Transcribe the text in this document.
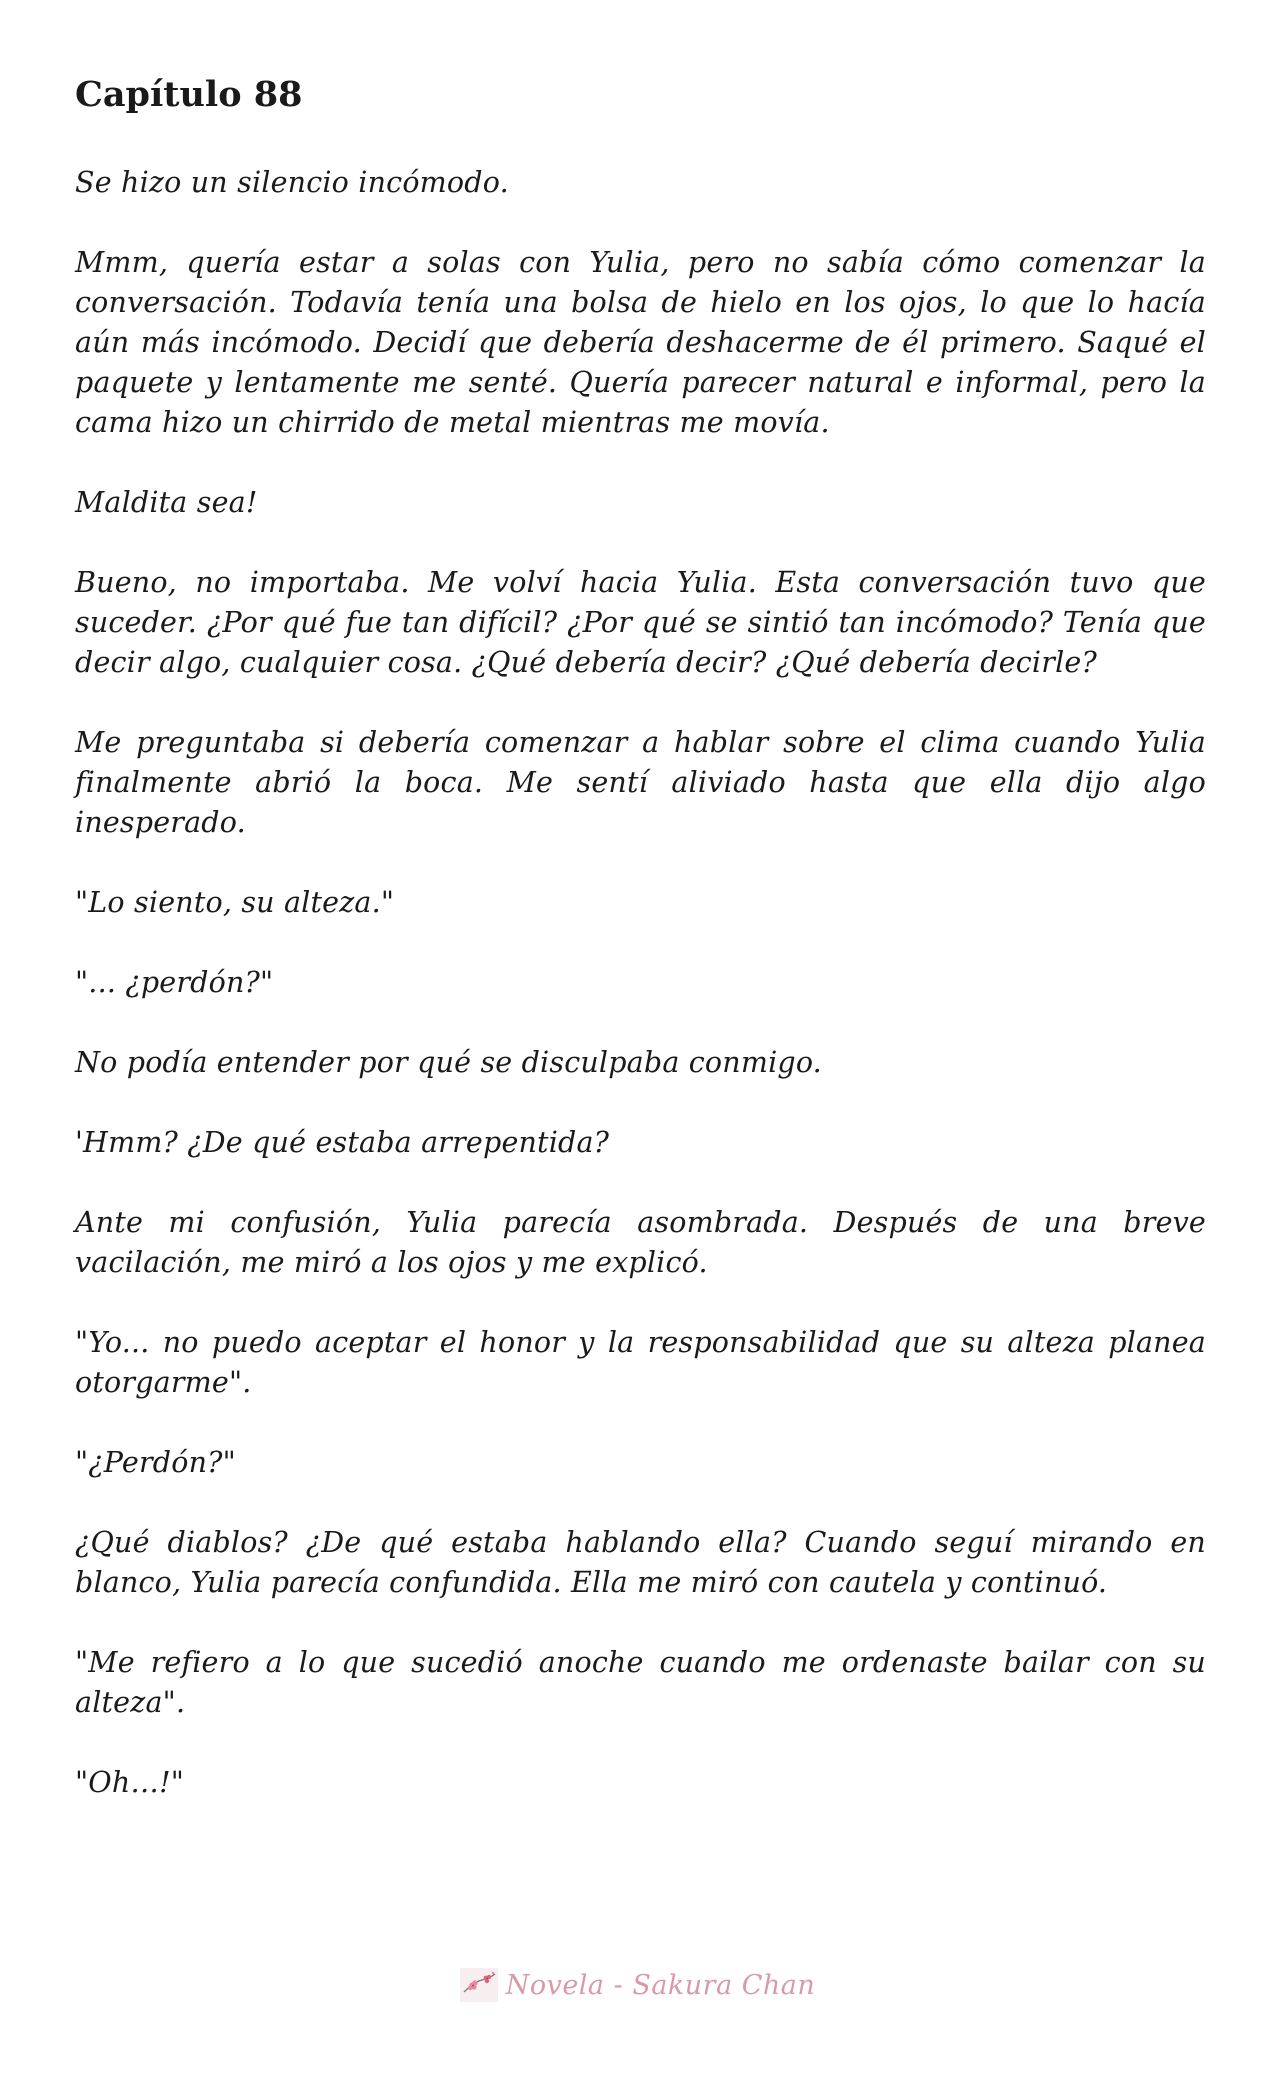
Capítulo 88

Se hizo un silencio incómodo.

Mmm, quería estar a solas con Yulia, pero no sabía cómo comenzar la conversación. Todavía tenía una bolsa de hielo en los ojos, lo que lo hacía aún más incómodo. Decidí que debería deshacerme de él primero. Saqué el paquete y lentamente me senté. Quería parecer natural e informal, pero la cama hizo un chirrido de metal mientras me movía.

Maldita sea!

Bueno, no importaba. Me volví hacia Yulia. Esta conversación tuvo que suceder. ¿Por qué fue tan difícil? ¿Por qué se sintió tan incómodo? Tenía que decir algo, cualquier cosa. ¿Qué debería decir? ¿Qué debería decirle?

Me preguntaba si debería comenzar a hablar sobre el clima cuando Yulia finalmente abrió la boca. Me sentí aliviado hasta que ella dijo algo inesperado.

"Lo siento, su alteza."

"... ¿perdón?"

No podía entender por qué se disculpaba conmigo.

'Hmm? ¿De qué estaba arrepentida?

Ante mi confusión, Yulia parecía asombrada. Después de una breve vacilación, me miró a los ojos y me explicó.

"Yo... no puedo aceptar el honor y la responsabilidad que su alteza planea otorgarme".

"¿Perdón?"

¿Qué diablos? ¿De qué estaba hablando ella? Cuando seguí mirando en blanco, Yulia parecía confundida. Ella me miró con cautela y continuó.

"Me refiero a lo que sucedió anoche cuando me ordenaste bailar con su alteza".

"Oh…!"

Novela - Sakura Chan
